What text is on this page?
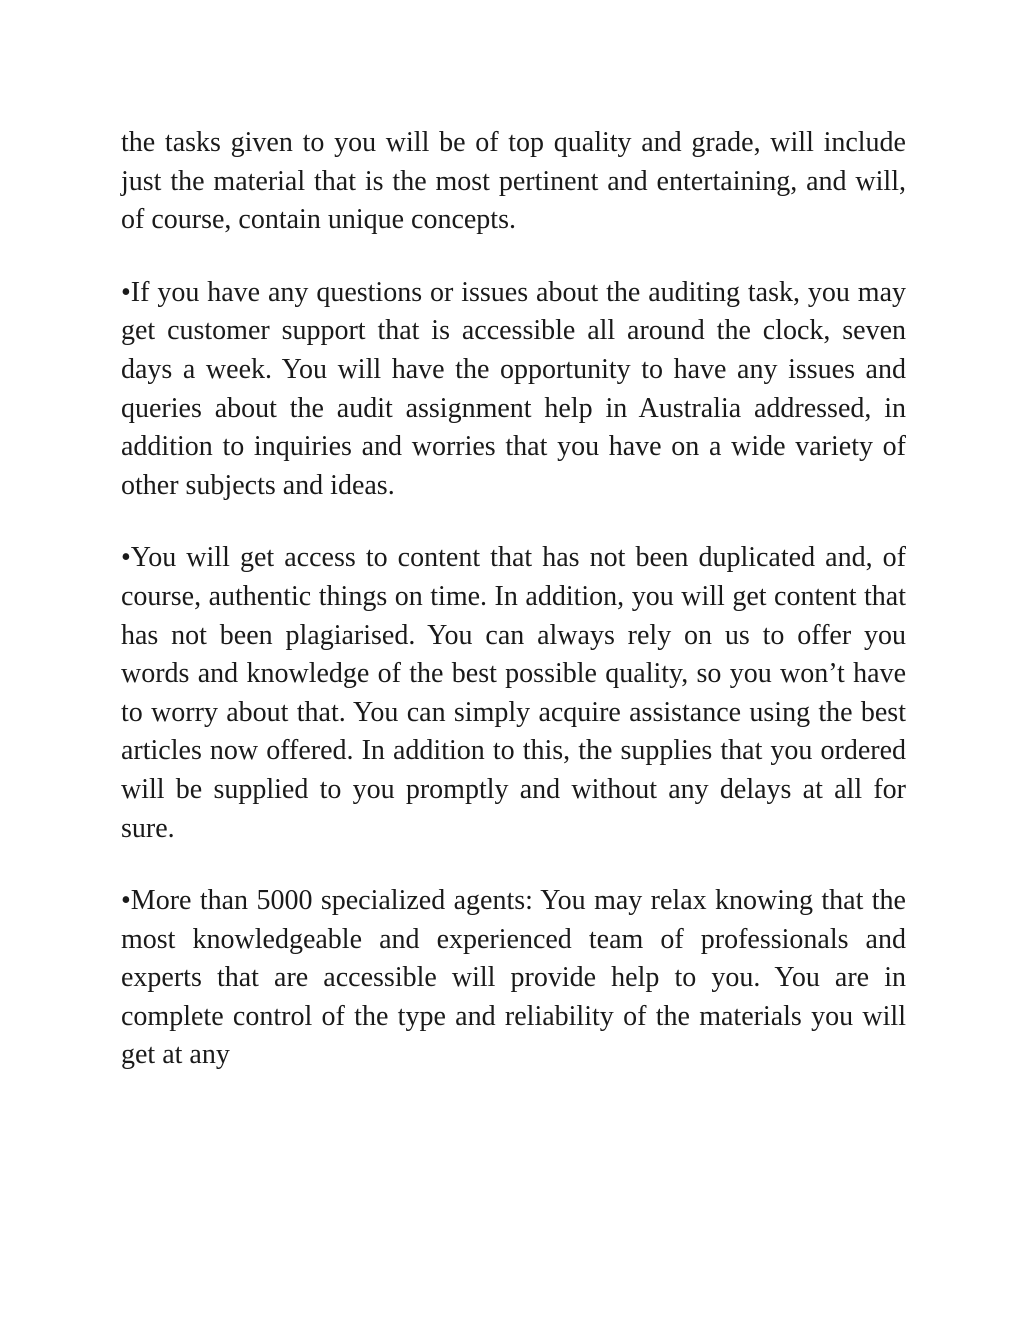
the tasks given to you will be of top quality and grade, will include just the material that is the most pertinent and entertaining, and will, of course, contain unique concepts.

•If you have any questions or issues about the auditing task, you may get customer support that is accessible all around the clock, seven days a week. You will have the opportunity to have any issues and queries about the audit assignment help in Australia addressed, in addition to inquiries and worries that you have on a wide variety of other subjects and ideas.

•You will get access to content that has not been duplicated and, of course, authentic things on time. In addition, you will get content that has not been plagiarised. You can always rely on us to offer you words and knowledge of the best possible quality, so you won’t have to worry about that. You can simply acquire assistance using the best articles now offered. In addition to this, the supplies that you ordered will be supplied to you promptly and without any delays at all for sure.

•More than 5000 specialized agents: You may relax knowing that the most knowledgeable and experienced team of professionals and experts that are accessible will provide help to you. You are in complete control of the type and reliability of the materials you will get at any
